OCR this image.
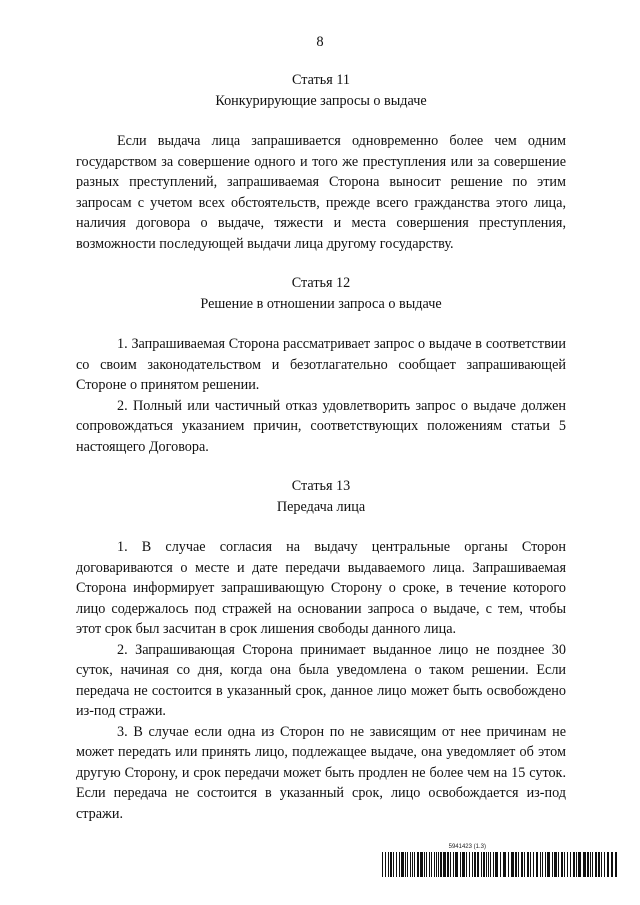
8
Статья 11
Конкурирующие запросы о выдаче

Если выдача лица запрашивается одновременно более чем одним государством за совершение одного и того же преступления или за совершение разных преступлений, запрашиваемая Сторона выносит решение по этим запросам с учетом всех обстоятельств, прежде всего гражданства этого лица, наличия договора о выдаче, тяжести и места совершения преступления, возможности последующей выдачи лица другому государству.

Статья 12
Решение в отношении запроса о выдаче

1. Запрашиваемая Сторона рассматривает запрос о выдаче в соответствии со своим законодательством и безотлагательно сообщает запрашивающей Стороне о принятом решении.

2. Полный или частичный отказ удовлетворить запрос о выдаче должен сопровождаться указанием причин, соответствующих положениям статьи 5 настоящего Договора.

Статья 13
Передача лица

1. В случае согласия на выдачу центральные органы Сторон договариваются о месте и дате передачи выдаваемого лица. Запрашиваемая Сторона информирует запрашивающую Сторону о сроке, в течение которого лицо содержалось под стражей на основании запроса о выдаче, с тем, чтобы этот срок был засчитан в срок лишения свободы данного лица.

2. Запрашивающая Сторона принимает выданное лицо не позднее 30 суток, начиная со дня, когда она была уведомлена о таком решении. Если передача не состоится в указанный срок, данное лицо может быть освобождено из-под стражи.

3. В случае если одна из Сторон по не зависящим от нее причинам не может передать или принять лицо, подлежащее выдаче, она уведомляет об этом другую Сторону, и срок передачи может быть продлен не более чем на 15 суток. Если передача не состоится в указанный срок, лицо освобождается из-под стражи.

5941423 (1.3)
